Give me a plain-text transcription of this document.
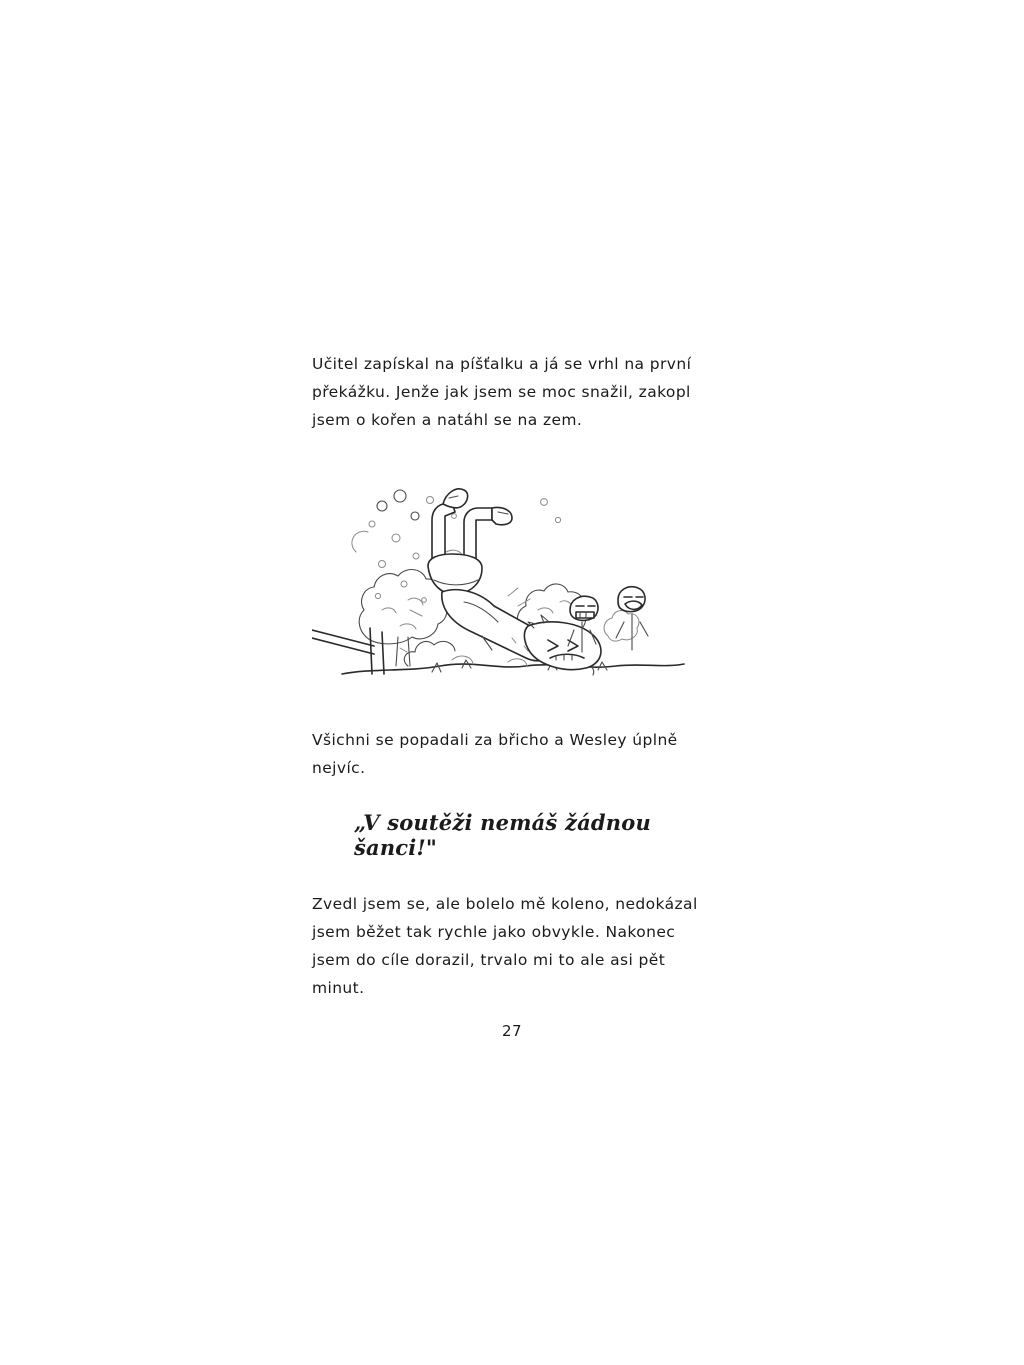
Učitel zapískal na píšťalku a já se vrhl na první překážku. Jenže jak jsem se moc snažil, zakopl jsem o kořen a natáhl se na zem.

Všichni se popadali za břicho a Wesley úplně nejvíc.

„V soutěži nemáš žádnou šanci!"

Zvedl jsem se, ale bolelo mě koleno, nedokázal jsem běžet tak rychle jako obvykle. Nakonec jsem do cíle dorazil, trvalo mi to ale asi pět minut.

27
